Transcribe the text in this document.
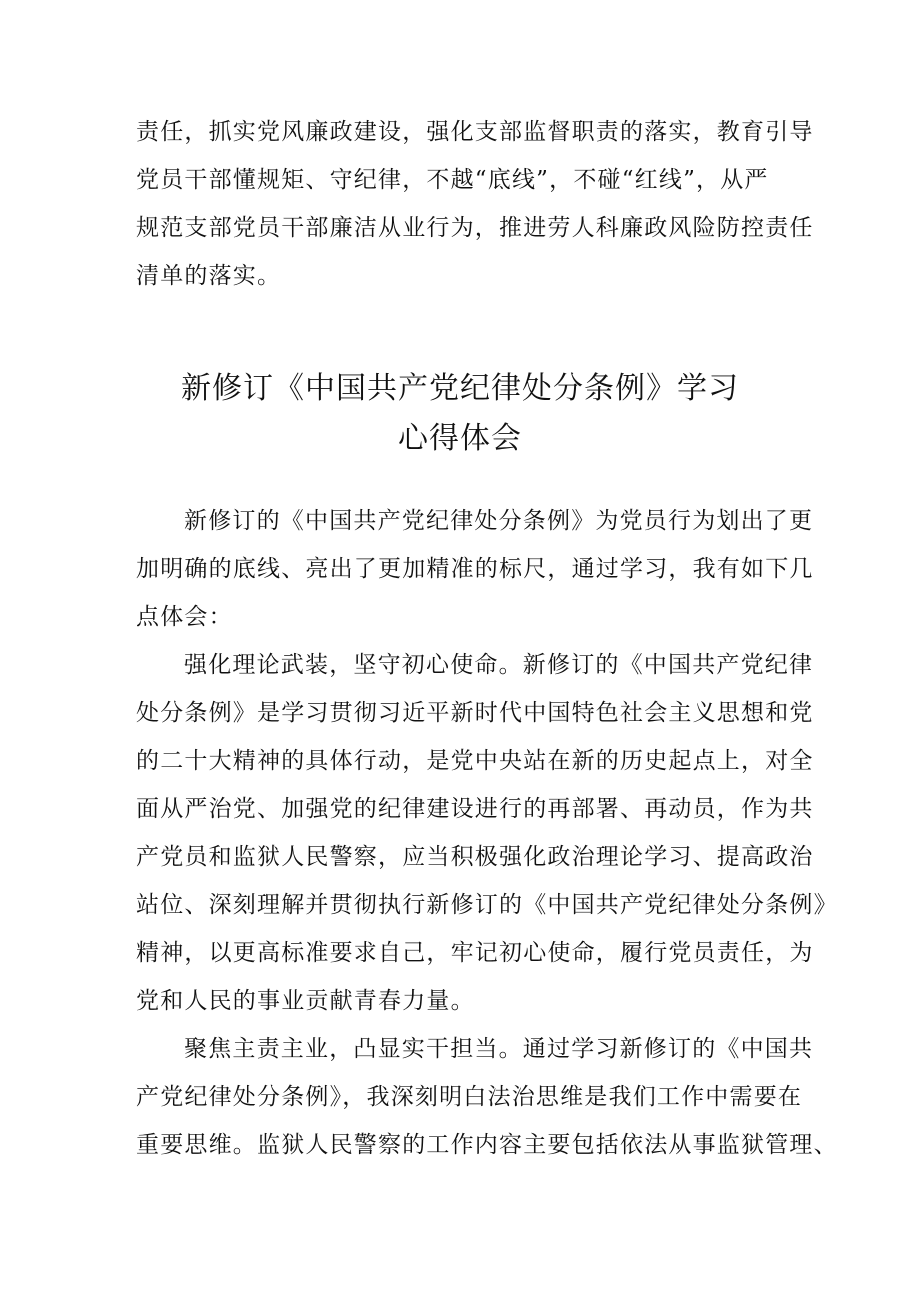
责任，抓实党风廉政建设，强化支部监督职责的落实，教育引导
党员干部懂规矩、守纪律，不越“底线”，不碰“红线”，从严
规范支部党员干部廉洁从业行为，推进劳人科廉政风险防控责任
清单的落实。
新修订《中国共产党纪律处分条例》学习
心得体会
新修订的《中国共产党纪律处分条例》为党员行为划出了更
加明确的底线、亮出了更加精准的标尺，通过学习，我有如下几
点体会：
强化理论武装，坚守初心使命。新修订的《中国共产党纪律
处分条例》是学习贯彻习近平新时代中国特色社会主义思想和党
的二十大精神的具体行动，是党中央站在新的历史起点上，对全
面从严治党、加强党的纪律建设进行的再部署、再动员，作为共
产党员和监狱人民警察，应当积极强化政治理论学习、提高政治
站位、深刻理解并贯彻执行新修订的《中国共产党纪律处分条例》
精神，以更高标准要求自己，牢记初心使命，履行党员责任，为
党和人民的事业贡献青春力量。
聚焦主责主业，凸显实干担当。通过学习新修订的《中国共
产党纪律处分条例》，我深刻明白法治思维是我们工作中需要在
重要思维。监狱人民警察的工作内容主要包括依法从事监狱管理、
